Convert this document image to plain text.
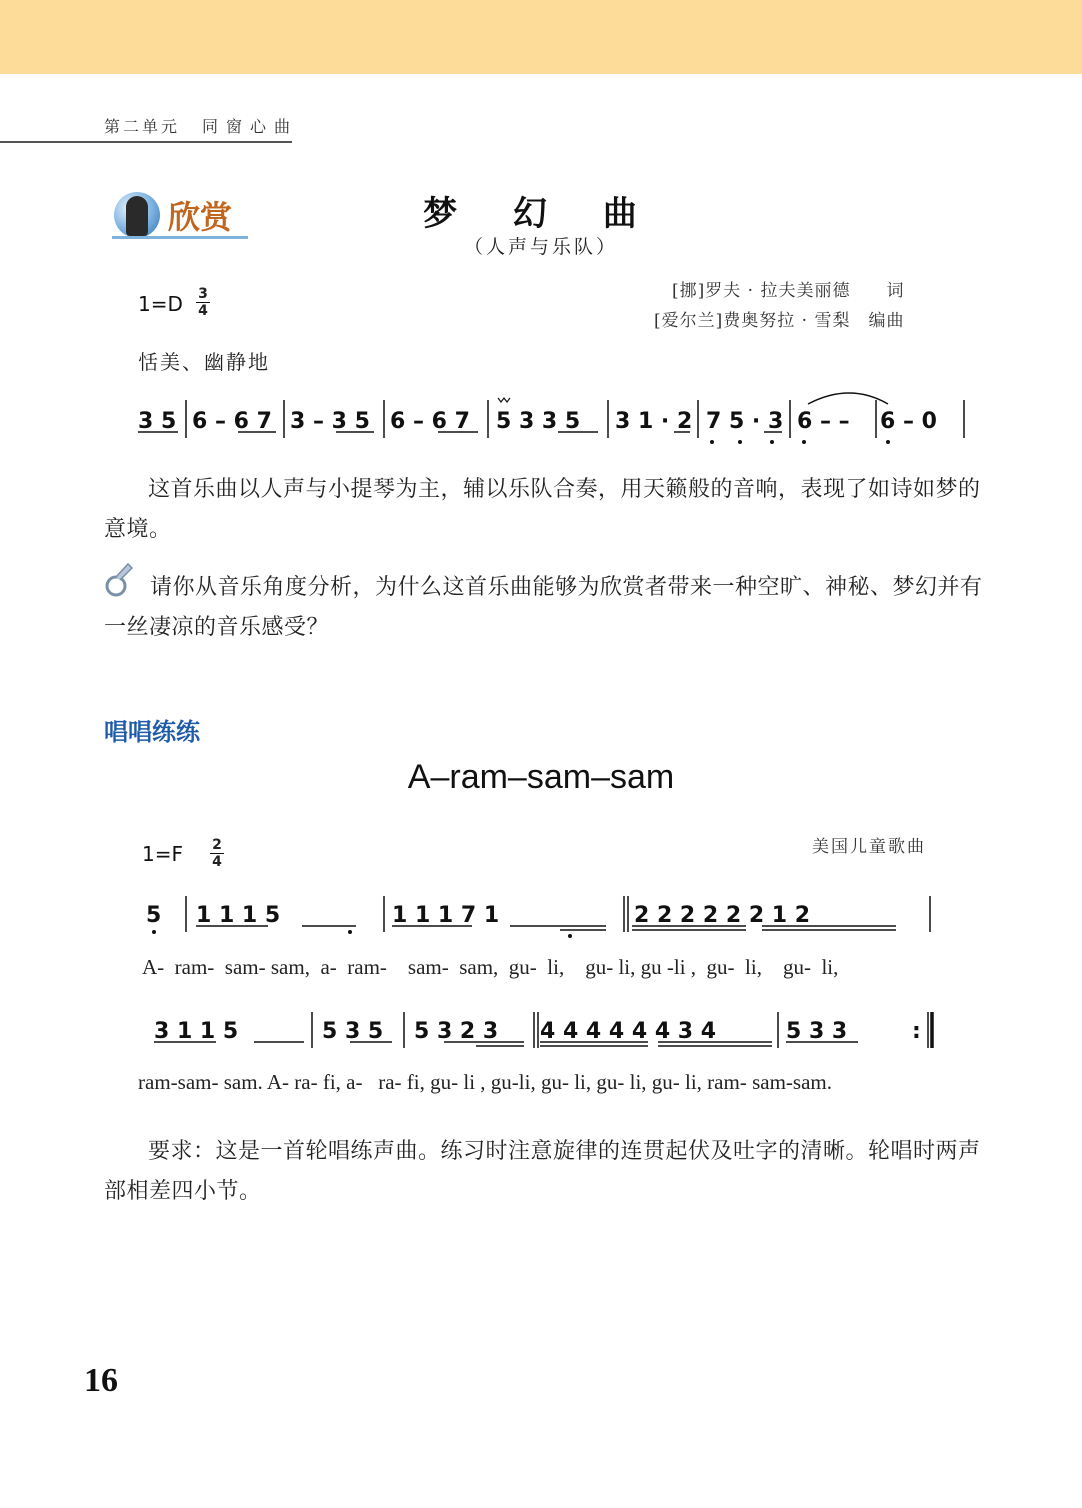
第二单元 同窗心曲
欣赏	梦 幻 曲
（人声与乐队）
1=D 3
4
[挪]罗夫 · 拉夫美丽德　　词
[爱尔兰]费奥努拉 · 雪梨　编曲
恬美、幽静地
3 5 6 – 6 7 3 – 3 5 6 – 6 7 5 3 3 5 3 1 · 2 7 5 · 3 6 – – 6 – 0
这首乐曲以人声与小提琴为主，辅以乐队合奏，用天籁般的音响，表现了如诗如梦的意境。
请你从音乐角度分析，为什么这首乐曲能够为欣赏者带来一种空旷、神秘、梦幻并有一丝凄凉的音乐感受？
唱唱练练
A–ram–sam–sam
1=F 2
4
美国儿童歌曲
5 1 1 1 5	1 1 1 7 1	2 2 2 2 2 2 1 2
3 1 1 5	5 3 5 5 3 2 3 4 4 4 4 4 4 3 4	5 3 3	:
A-  ram-  sam- sam,  a-  ram-    sam-  sam,  gu-  li,    gu- li, gu -li ,  gu-  li,    gu-  li,
ram-sam- sam. A- ra- fi, a-   ra- fi, gu- li , gu-li, gu- li, gu- li, gu- li, ram- sam-sam.
要求：这是一首轮唱练声曲。练习时注意旋律的连贯起伏及吐字的清晰。轮唱时两声部相差四小节。
16
